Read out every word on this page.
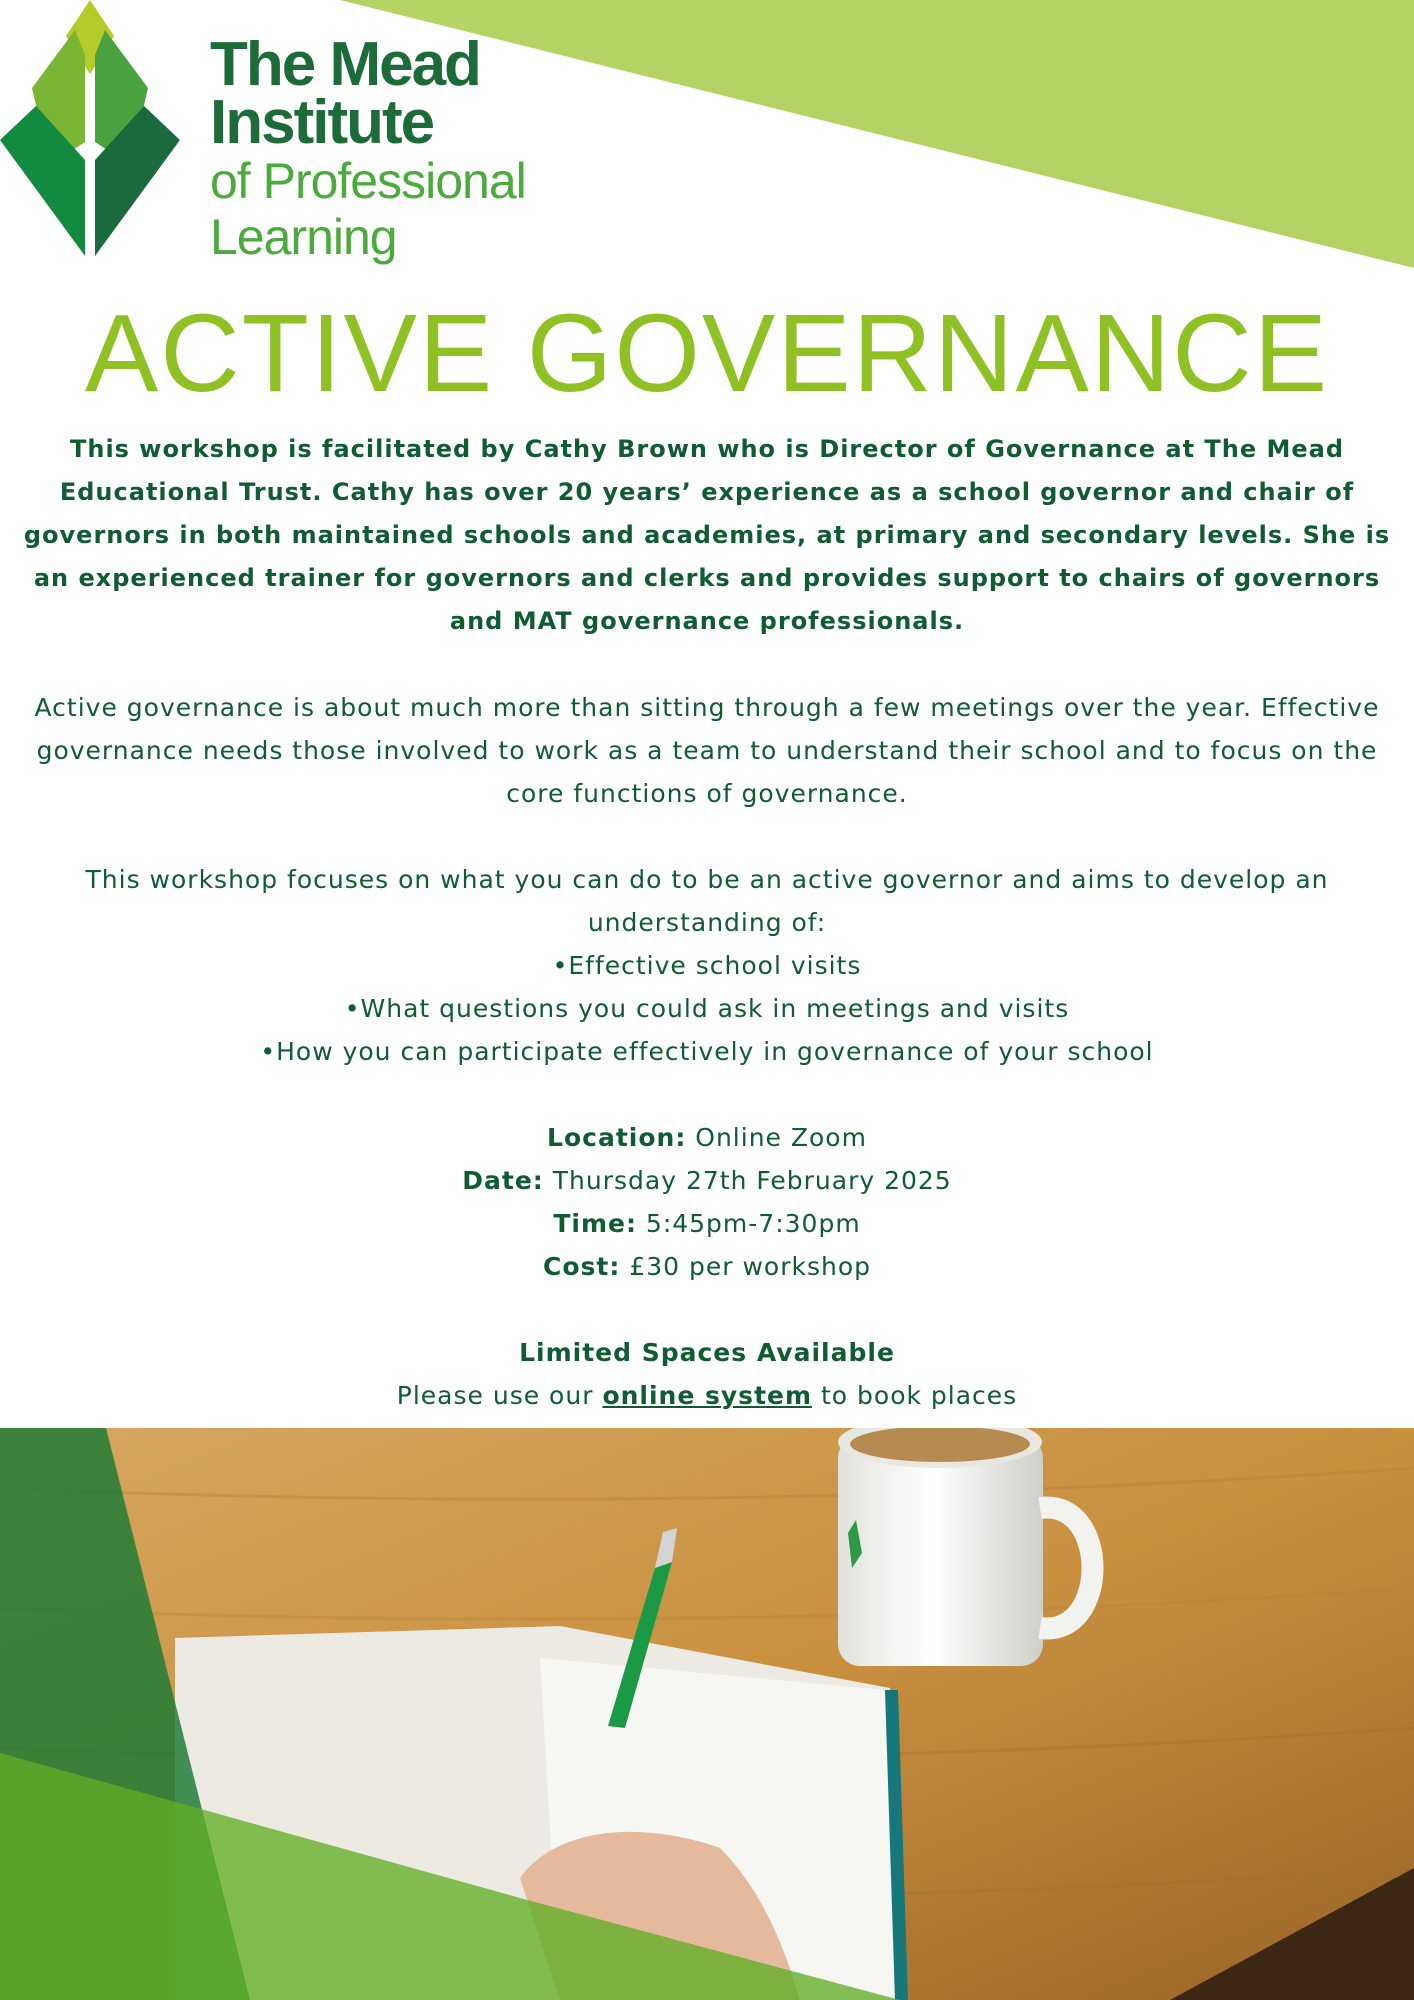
The Mead
Institute
of Professional
Learning
ACTIVE GOVERNANCE

This workshop is facilitated by Cathy Brown who is Director of Governance at The Mead Educational Trust. Cathy has over 20 years’ experience as a school governor and chair of governors in both maintained schools and academies, at primary and secondary levels. She is an experienced trainer for governors and clerks and provides support to chairs of governors and MAT governance professionals.

Active governance is about much more than sitting through a few meetings over the year. Effective governance needs those involved to work as a team to understand their school and to focus on the core functions of governance.

This workshop focuses on what you can do to be an active governor and aims to develop an understanding of:
•Effective school visits
•What questions you could ask in meetings and visits
•How you can participate effectively in governance of your school

Location: Online Zoom
Date: Thursday 27th February 2025
Time: 5:45pm-7:30pm
Cost: £30 per workshop

Limited Spaces Available
Please use our online system to book places
